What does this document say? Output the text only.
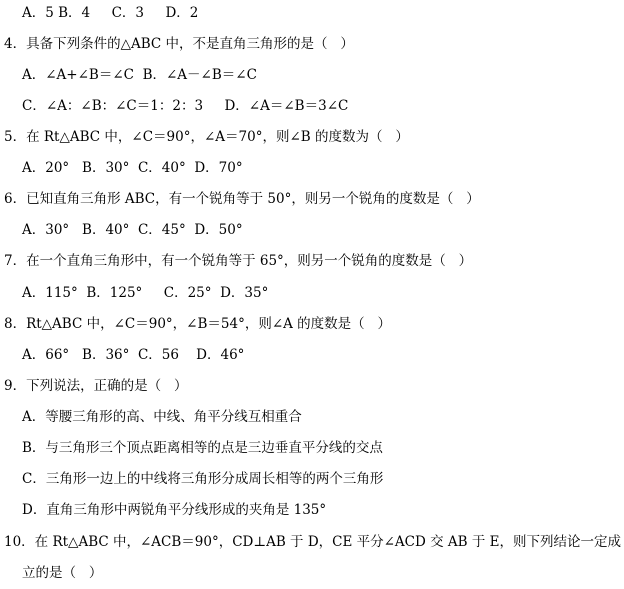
A．5 B．4     C．3     D．2
4．具备下列条件的△ABC 中，不是直角三角形的是（   ）
A．∠A+∠B＝∠C  B．∠A－∠B＝∠C
C．∠A：∠B：∠C＝1：2：3     D．∠A＝∠B＝3∠C
5．在 Rt△ABC 中，∠C＝90°，∠A＝70°，则∠B 的度数为（   ）
A．20°   B．30°  C．40°  D．70°
6．已知直角三角形 ABC，有一个锐角等于 50°，则另一个锐角的度数是（   ）
A．30°   B．40°  C．45°  D．50°
7．在一个直角三角形中，有一个锐角等于 65°，则另一个锐角的度数是（   ）
A．115°  B．125°     C．25°  D．35°
8．Rt△ABC 中，∠C＝90°，∠B＝54°，则∠A 的度数是（   ）
A．66°   B．36°  C．56    D．46°
9．下列说法，正确的是（   ）
A．等腰三角形的高、中线、角平分线互相重合
B．与三角形三个顶点距离相等的点是三边垂直平分线的交点
C．三角形一边上的中线将三角形分成周长相等的两个三角形
D．直角三角形中两锐角平分线形成的夹角是 135°
10．在 Rt△ABC 中，∠ACB＝90°，CD⊥AB 于 D，CE 平分∠ACD 交 AB 于 E，则下列结论一定成
立的是（   ）
